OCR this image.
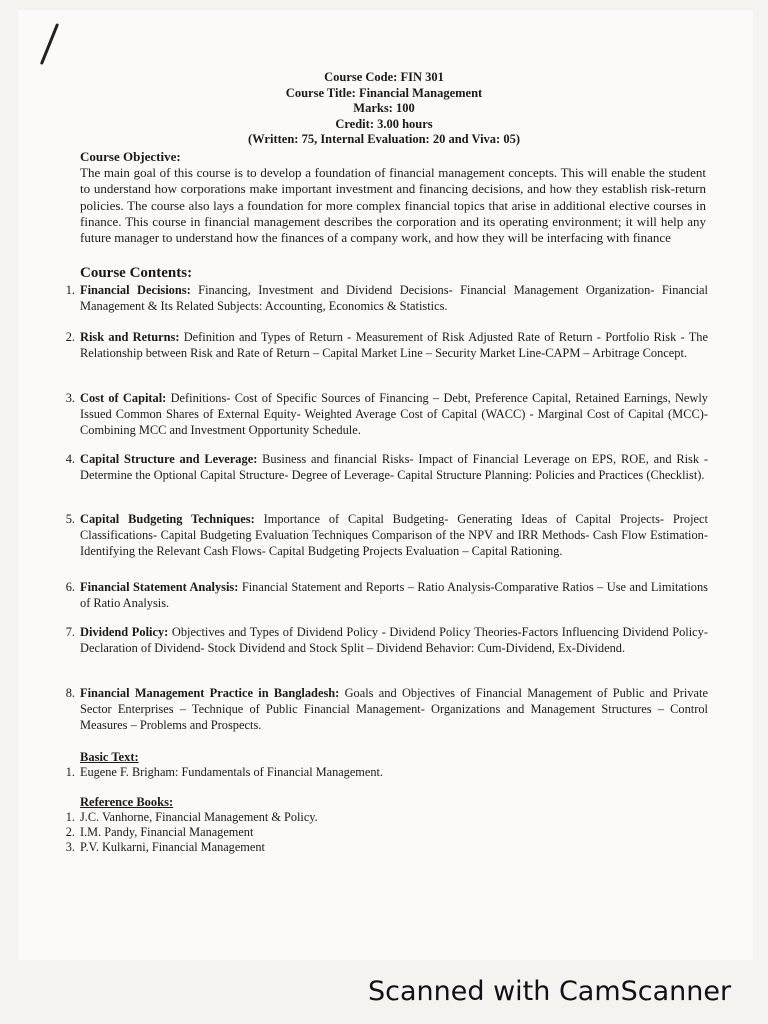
Course Code: FIN 301
Course Title: Financial Management
Marks: 100
Credit: 3.00 hours
(Written: 75, Internal Evaluation: 20 and Viva: 05)
Course Objective:
The main goal of this course is to develop a foundation of financial management concepts. This will enable the student to understand how corporations make important investment and financing decisions, and how they establish risk-return policies. The course also lays a foundation for more complex financial topics that arise in additional elective courses in finance. This course in financial management describes the corporation and its operating environment; it will help any future manager to understand how the finances of a company work, and how they will be interfacing with finance
Course Contents:
1. Financial Decisions: Financing, Investment and Dividend Decisions- Financial Management Organization- Financial Management & Its Related Subjects: Accounting, Economics & Statistics.
2. Risk and Returns: Definition and Types of Return - Measurement of Risk Adjusted Rate of Return - Portfolio Risk - The Relationship between Risk and Rate of Return – Capital Market Line – Security Market Line-CAPM – Arbitrage Concept.
3. Cost of Capital: Definitions- Cost of Specific Sources of Financing – Debt, Preference Capital, Retained Earnings, Newly Issued Common Shares of External Equity- Weighted Average Cost of Capital (WACC) - Marginal Cost of Capital (MCC)- Combining MCC and Investment Opportunity Schedule.
4. Capital Structure and Leverage: Business and financial Risks- Impact of Financial Leverage on EPS, ROE, and Risk - Determine the Optional Capital Structure- Degree of Leverage- Capital Structure Planning: Policies and Practices (Checklist).
5. Capital Budgeting Techniques: Importance of Capital Budgeting- Generating Ideas of Capital Projects- Project Classifications- Capital Budgeting Evaluation Techniques Comparison of the NPV and IRR Methods- Cash Flow Estimation- Identifying the Relevant Cash Flows- Capital Budgeting Projects Evaluation – Capital Rationing.
6. Financial Statement Analysis: Financial Statement and Reports – Ratio Analysis-Comparative Ratios – Use and Limitations of Ratio Analysis.
7. Dividend Policy: Objectives and Types of Dividend Policy - Dividend Policy Theories-Factors Influencing Dividend Policy- Declaration of Dividend- Stock Dividend and Stock Split – Dividend Behavior: Cum-Dividend, Ex-Dividend.
8. Financial Management Practice in Bangladesh: Goals and Objectives of Financial Management of Public and Private Sector Enterprises – Technique of Public Financial Management- Organizations and Management Structures – Control Measures – Problems and Prospects.
Basic Text:
1. Eugene F. Brigham: Fundamentals of Financial Management.
Reference Books:
1. J.C. Vanhorne, Financial Management & Policy.
2. I.M. Pandy, Financial Management
3. P.V. Kulkarni, Financial Management
Scanned with CamScanner
